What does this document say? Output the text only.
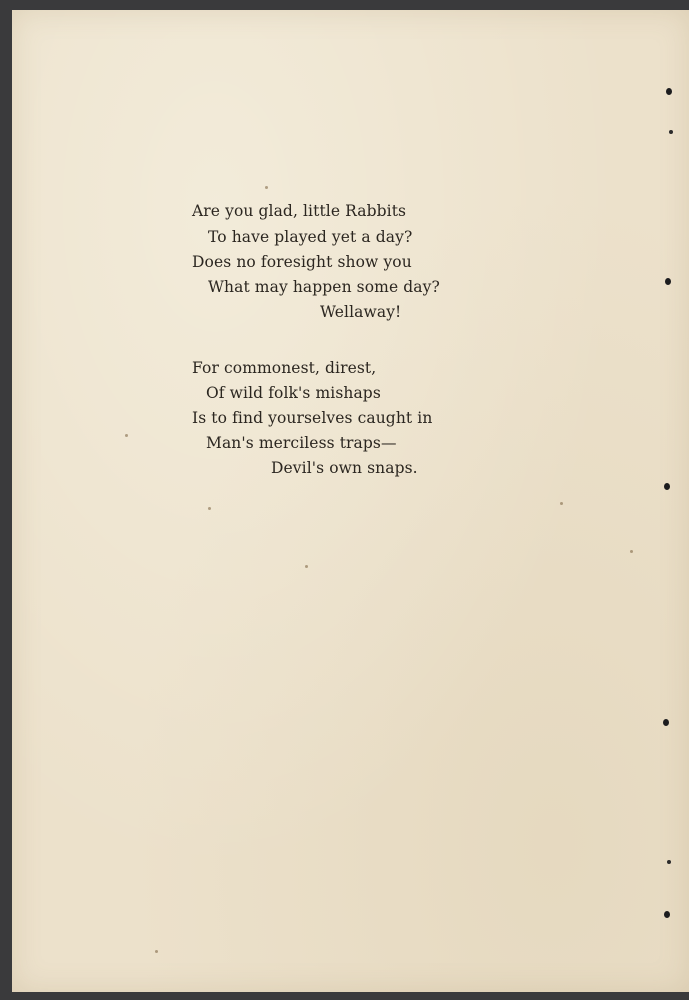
Are you glad, little Rabbits
To have played yet a day?
Does no foresight show you
What may happen some day?
Wellaway!
For commonest, direst,
Of wild folk's mishaps
Is to find yourselves caught in
Man's merciless traps—
Devil's own snaps.
